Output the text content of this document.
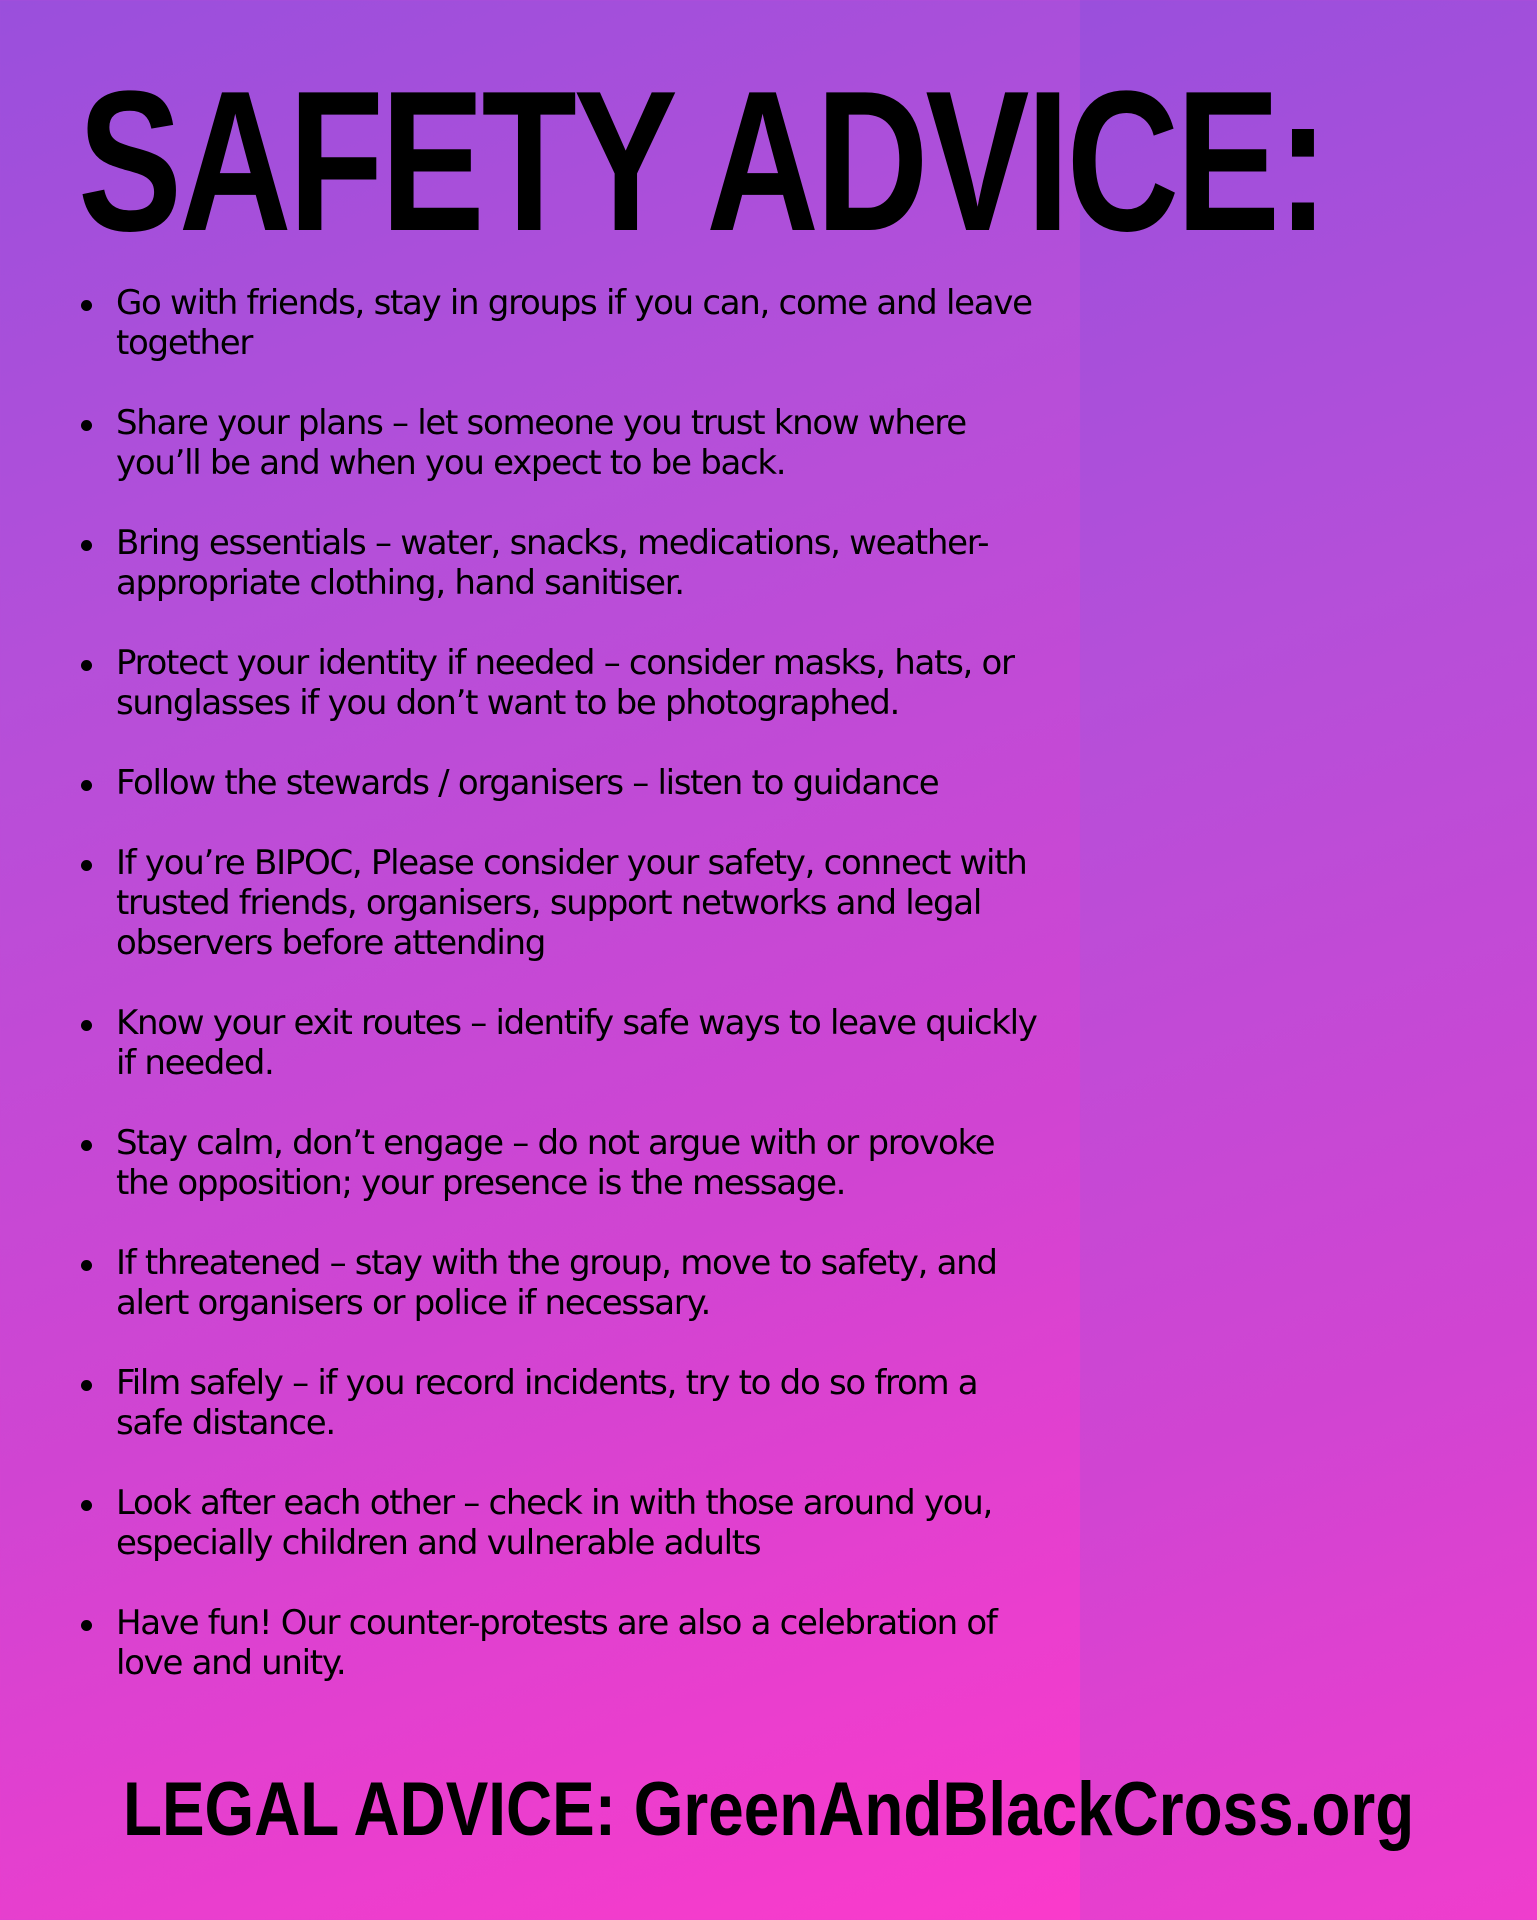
SAFETY ADVICE:
Go with friends, stay in groups if you can, come and leave together
Share your plans – let someone you trust know where you’ll be and when you expect to be back.
Bring essentials – water, snacks, medications, weather-appropriate clothing, hand sanitiser.
Protect your identity if needed – consider masks, hats, or sunglasses if you don’t want to be photographed.
Follow the stewards / organisers – listen to guidance
If you’re BIPOC, Please consider your safety, connect with trusted friends, organisers, support networks and legal observers before attending
Know your exit routes – identify safe ways to leave quickly if needed.
Stay calm, don’t engage – do not argue with or provoke the opposition; your presence is the message.
If threatened – stay with the group, move to safety, and alert organisers or police if necessary.
Film safely – if you record incidents, try to do so from a safe distance.
Look after each other – check in with those around you, especially children and vulnerable adults
Have fun! Our counter-protests are also a celebration of love and unity.
LEGAL ADVICE: GreenAndBlackCross.org
